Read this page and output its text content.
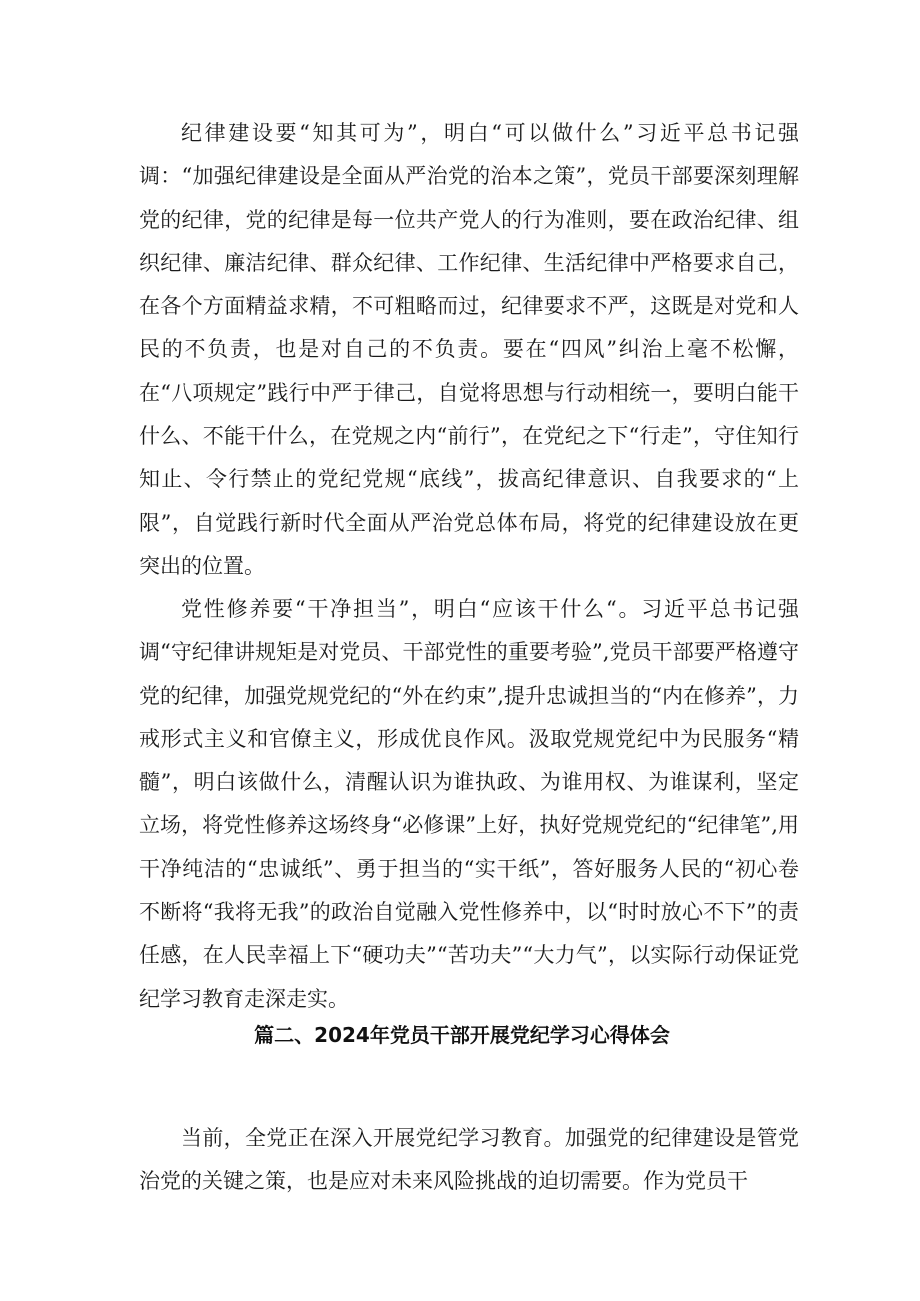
纪律建设要“知其可为”，明白“可以做什么”习近平总书记强调：“加强纪律建设是全面从严治党的治本之策”，党员干部要深刻理解党的纪律，党的纪律是每一位共产党人的行为准则，要在政治纪律、组织纪律、廉洁纪律、群众纪律、工作纪律、生活纪律中严格要求自己，在各个方面精益求精，不可粗略而过，纪律要求不严，这既是对党和人民的不负责，也是对自己的不负责。要在“四风”纠治上毫不松懈，在“八项规定”践行中严于律己，自觉将思想与行动相统一，要明白能干什么、不能干什么，在党规之内“前行”，在党纪之下“行走”，守住知行知止、令行禁止的党纪党规“底线”，拔高纪律意识、自我要求的“上限”，自觉践行新时代全面从严治党总体布局，将党的纪律建设放在更突出的位置。

党性修养要“干净担当”，明白“应该干什么“。习近平总书记强调“守纪律讲规矩是对党员、干部党性的重要考验”,党员干部要严格遵守党的纪律，加强党规党纪的“外在约束”,提升忠诚担当的“内在修养”，力戒形式主义和官僚主义，形成优良作风。汲取党规党纪中为民服务“精髓”，明白该做什么，清醒认识为谁执政、为谁用权、为谁谋利，坚定立场，将党性修养这场终身“必修课”上好，执好党规党纪的“纪律笔”,用干净纯洁的“忠诚纸”、勇于担当的“实干纸”，答好服务人民的“初心卷不断将“我将无我”的政治自觉融入党性修养中，以“时时放心不下”的责任感，在人民幸福上下“硬功夫”“苦功夫”“大力气”，以实际行动保证党纪学习教育走深走实。

篇二、2024年党员干部开展党纪学习心得体会

当前，全党正在深入开展党纪学习教育。加强党的纪律建设是管党治党的关键之策，也是应对未来风险挑战的迫切需要。作为党员干
